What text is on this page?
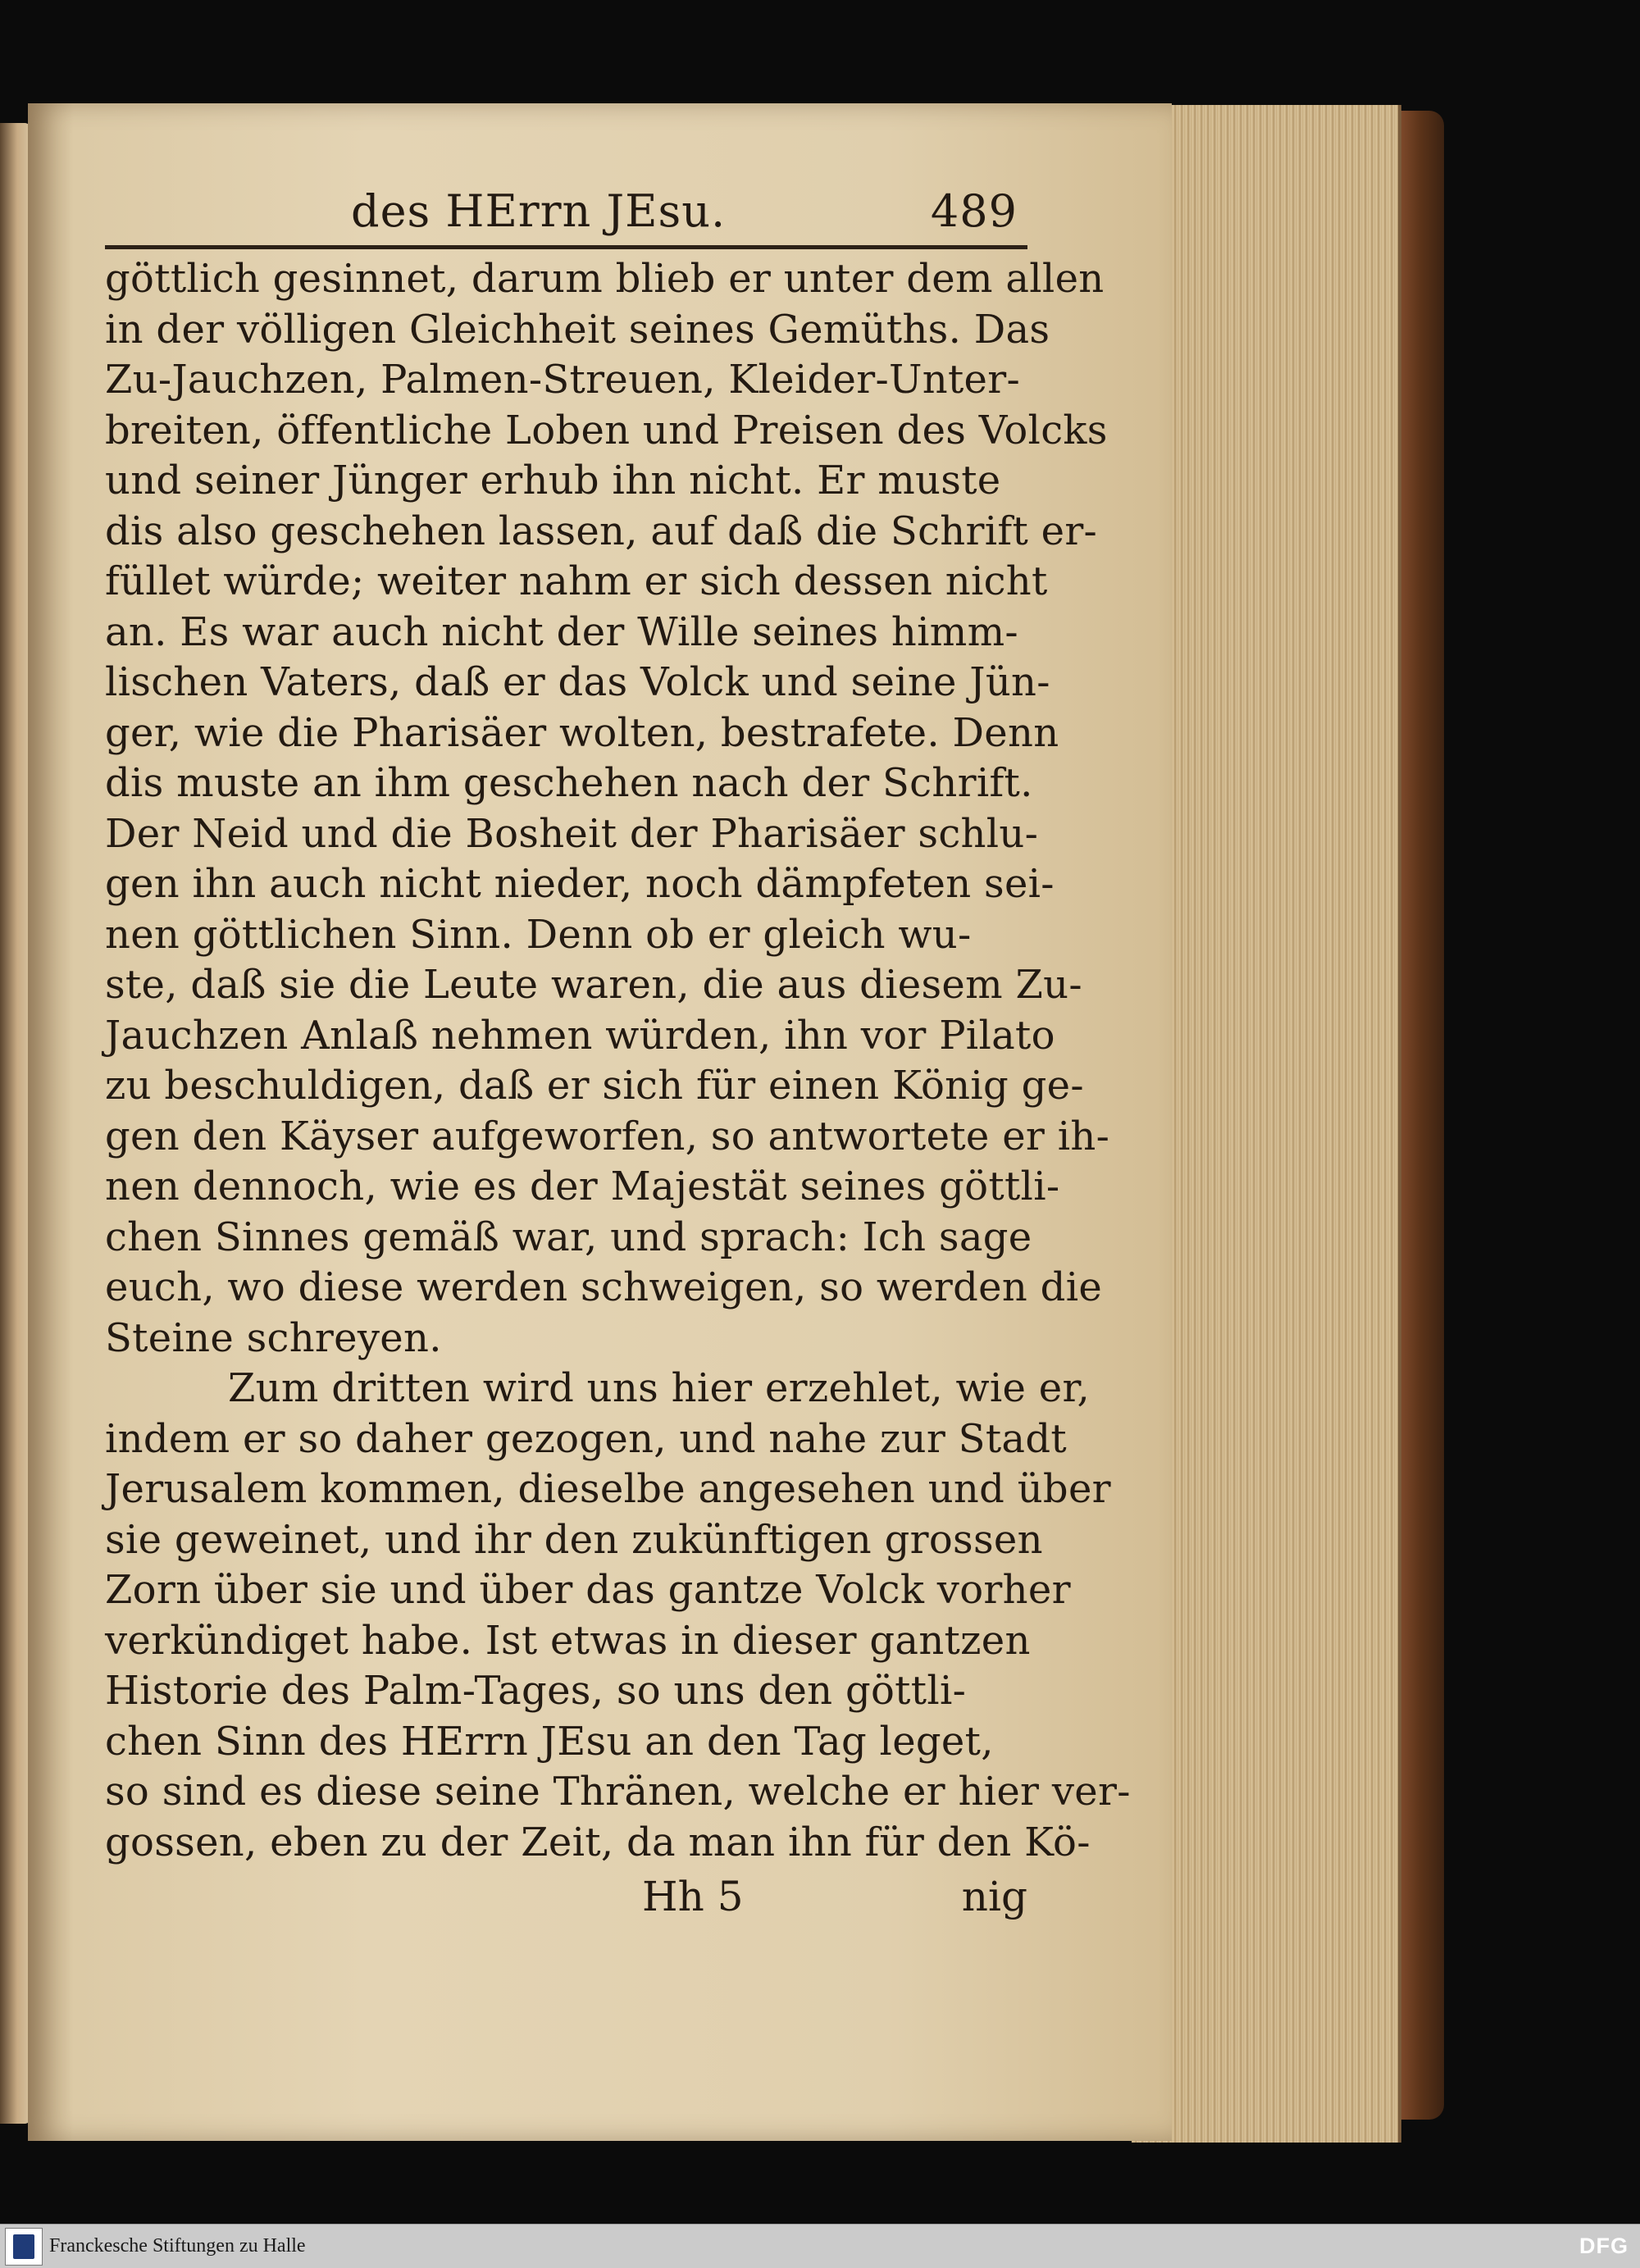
des HErrn JEsu.	489
göttlich gesinnet, darum blieb er unter dem allen
in der völligen Gleichheit seines Gemüths. Das
Zu-Jauchzen, Palmen-Streuen, Kleider-Unter-
breiten, öffentliche Loben und Preisen des Volcks
und seiner Jünger erhub ihn nicht. Er muste
dis also geschehen lassen, auf daß die Schrift er-
füllet würde; weiter nahm er sich dessen nicht
an. Es war auch nicht der Wille seines himm-
lischen Vaters, daß er das Volck und seine Jün-
ger, wie die Pharisäer wolten, bestrafete. Denn
dis muste an ihm geschehen nach der Schrift.
Der Neid und die Bosheit der Pharisäer schlu-
gen ihn auch nicht nieder, noch dämpfeten sei-
nen göttlichen Sinn. Denn ob er gleich wu-
ste, daß sie die Leute waren, die aus diesem Zu-
Jauchzen Anlaß nehmen würden, ihn vor Pilato
zu beschuldigen, daß er sich für einen König ge-
gen den Käyser aufgeworfen, so antwortete er ih-
nen dennoch, wie es der Majestät seines göttli-
chen Sinnes gemäß war, und sprach: Ich sage
euch, wo diese werden schweigen, so werden die
Steine schreyen.
Zum dritten wird uns hier erzehlet, wie er,
indem er so daher gezogen, und nahe zur Stadt
Jerusalem kommen, dieselbe angesehen und über
sie geweinet, und ihr den zukünftigen grossen
Zorn über sie und über das gantze Volck vorher
verkündiget habe. Ist etwas in dieser gantzen
Historie des Palm-Tages, so uns den göttli-
chen Sinn des HErrn JEsu an den Tag leget,
so sind es diese seine Thränen, welche er hier ver-
gossen, eben zu der Zeit, da man ihn für den Kö-
Hh 5	nig
Franckesche Stiftungen zu Halle	DFG
